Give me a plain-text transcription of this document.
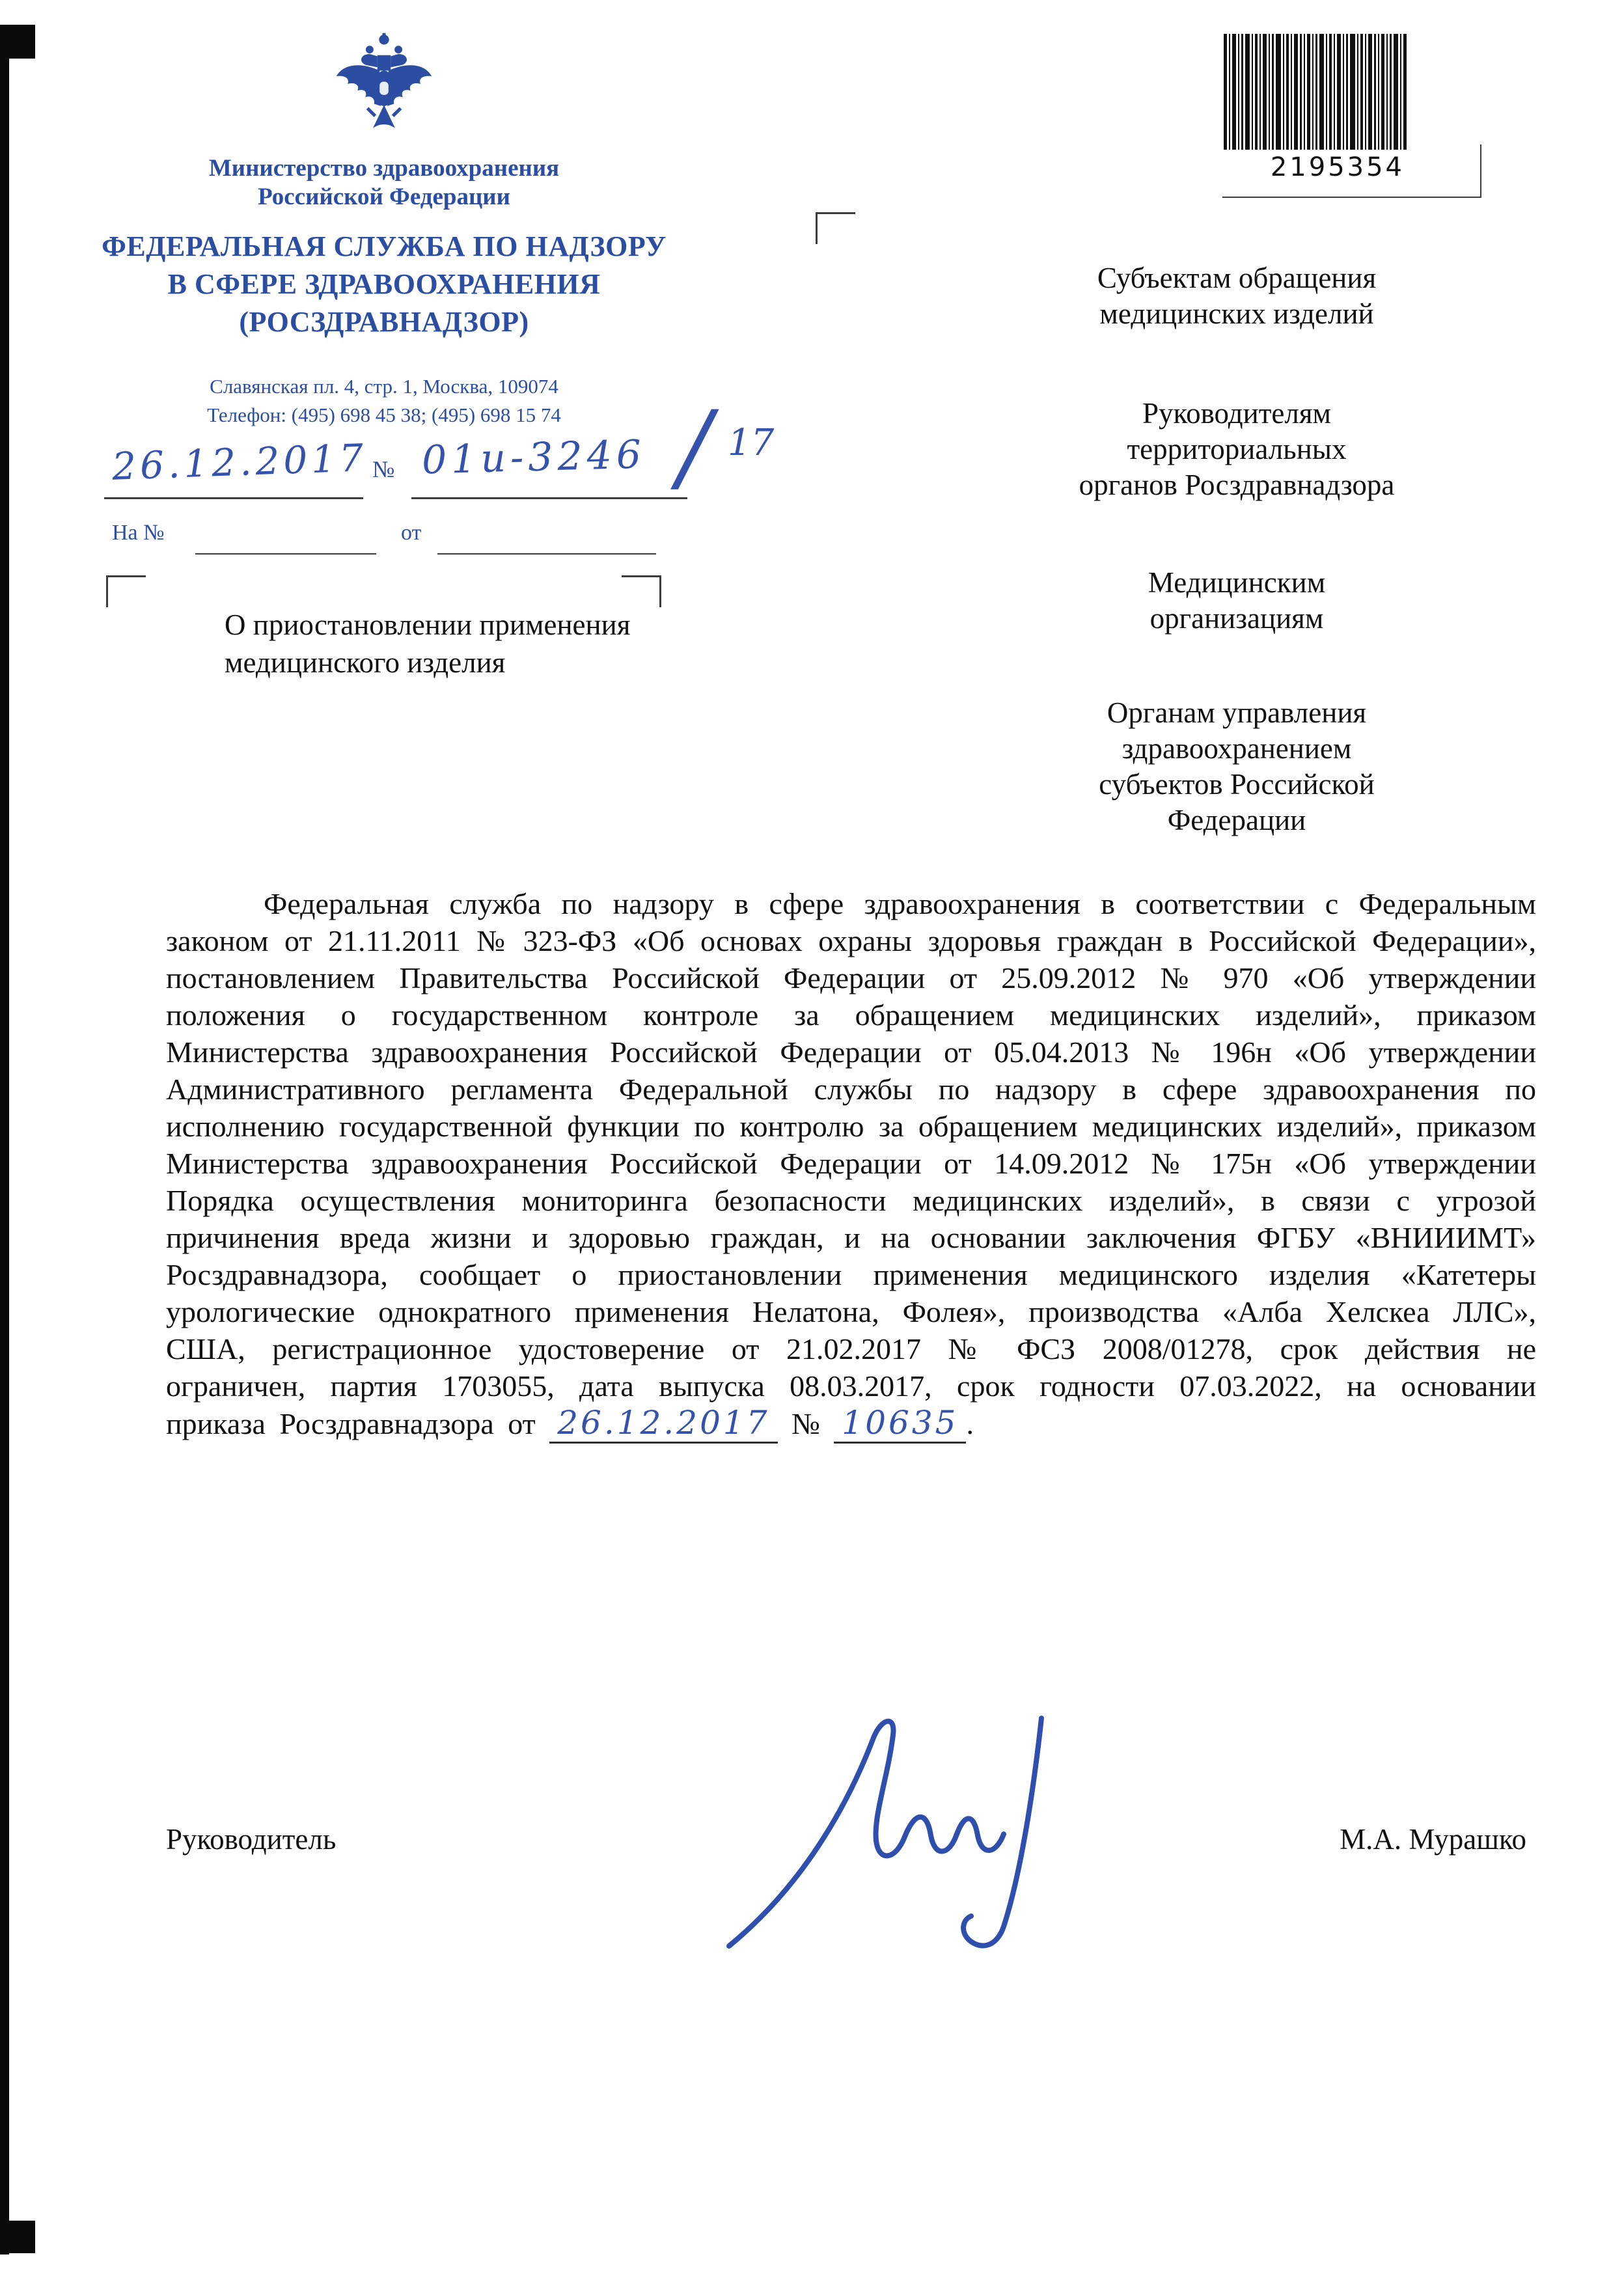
Министерство здравоохранения
Российской Федерации
ФЕДЕРАЛЬНАЯ СЛУЖБА ПО НАДЗОРУ
В СФЕРЕ ЗДРАВООХРАНЕНИЯ
(РОСЗДРАВНАДЗОР)
Славянская пл. 4, стр. 1, Москва, 109074
Телефон: (495) 698 45 38; (495) 698 15 74
26.12.2017 № 01и-3246 / 17
На №	от
2195354
Субъектам обращения
медицинских изделий
Руководителям
территориальных
органов Росздравнадзора
Медицинским
организациям
Органам управления
здравоохранением
субъектов Российской
Федерации
О приостановлении применения медицинского изделия

Федеральная служба по надзору в сфере здравоохранения в соответствии с Федеральным законом от 21.11.2011 № 323-ФЗ «Об основах охраны здоровья граждан в Российской Федерации», постановлением Правительства Российской Федерации от 25.09.2012 № 970 «Об утверждении положения о государственном контроле за обращением медицинских изделий», приказом Министерства здравоохранения Российской Федерации от 05.04.2013 № 196н «Об утверждении Административного регламента Федеральной службы по надзору в сфере здравоохранения по исполнению государственной функции по контролю за обращением медицинских изделий», приказом Министерства здравоохранения Российской Федерации от 14.09.2012 № 175н «Об утверждении Порядка осуществления мониторинга безопасности медицинских изделий», в связи с угрозой причинения вреда жизни и здоровью граждан, и на основании заключения ФГБУ «ВНИИИМТ» Росздравнадзора, сообщает о приостановлении применения медицинского изделия «Катетеры урологические однократного применения Нелатона, Фолея», производства «Алба Хелскеа ЛЛС», США, регистрационное удостоверение от 21.02.2017 № ФСЗ 2008/01278, срок действия не ограничен, партия 1703055, дата выпуска 08.03.2017, срок годности 07.03.2022, на основании приказа Росздравнадзора от 26.12.2017 № 10635 .

Руководитель	М.А. Мурашко
